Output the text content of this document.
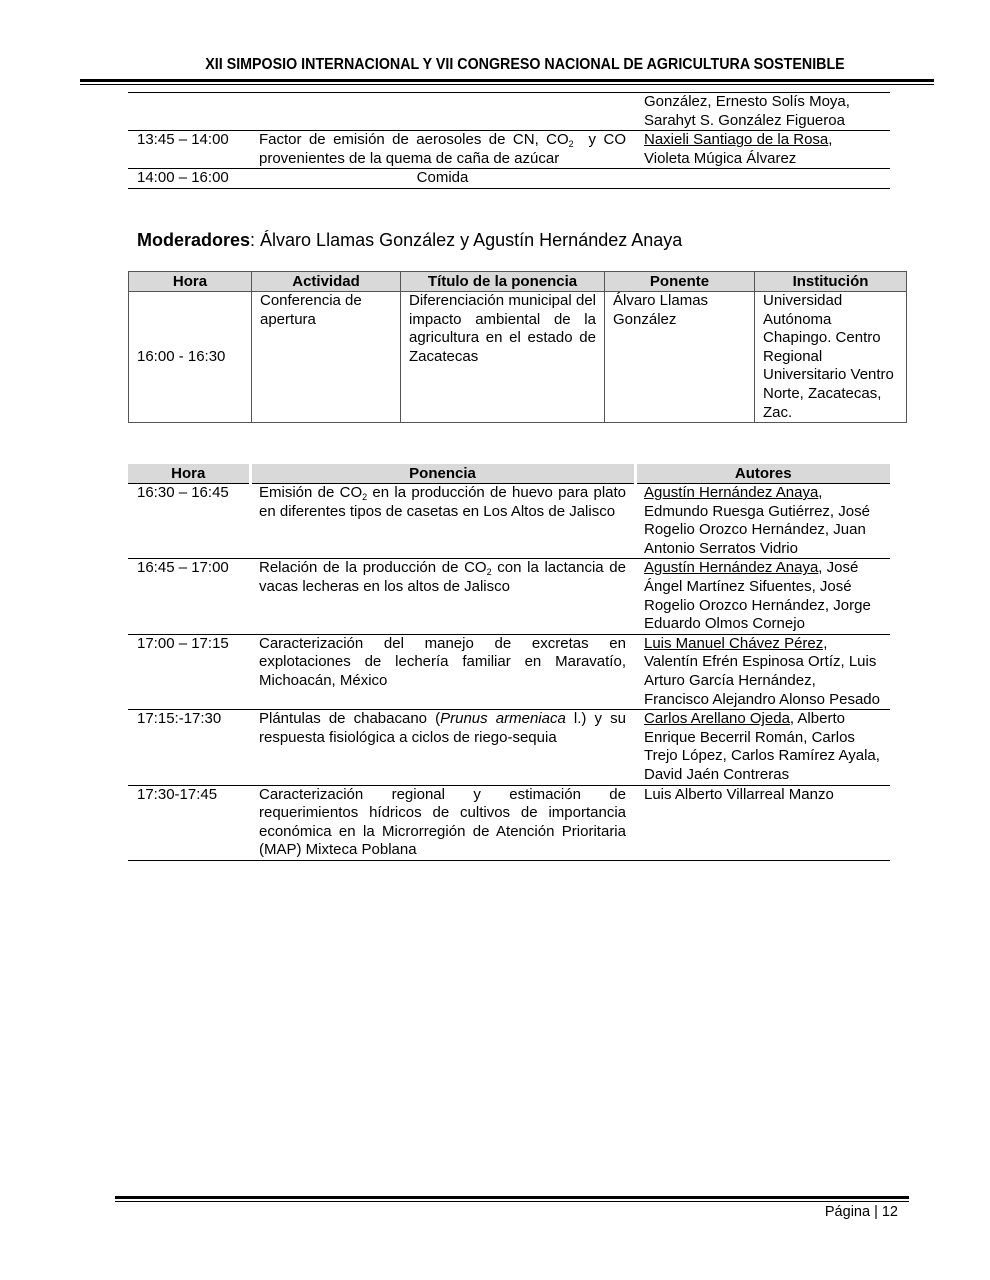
XII SIMPOSIO INTERNACIONAL Y VII CONGRESO NACIONAL DE AGRICULTURA SOSTENIBLE
		González, Ernesto Solís Moya, Sarahyt S. González Figueroa
13:45 – 14:00	Factor de emisión de aerosoles de CN, $CO_2$  y CO provenientes de la quema de caña de azúcar	Naxieli Santiago de la Rosa, Violeta Múgica Álvarez
14:00 – 16:00	Comida	
Moderadores: Álvaro Llamas González y Agustín Hernández Anaya
Hora	Actividad	Título de la ponencia	Ponente	Institución
16:00 - 16:30	Conferencia de apertura	Diferenciación municipal del impacto ambiental de la agricultura en el estado de Zacatecas	Álvaro Llamas González	Universidad Autónoma Chapingo. Centro Regional Universitario Ventro Norte, Zacatecas, Zac.
Hora	Ponencia	Autores
16:30 – 16:45	Emisión de $CO_2$ en la producción de huevo para plato en diferentes tipos de casetas en Los Altos de Jalisco	Agustín Hernández Anaya, Edmundo Ruesga Gutiérrez, José Rogelio Orozco Hernández, Juan Antonio Serratos Vidrio
16:45 – 17:00	Relación de la producción de $CO_2$ con la lactancia de vacas lecheras en los altos de Jalisco	Agustín Hernández Anaya, José Ángel Martínez Sifuentes, José Rogelio Orozco Hernández, Jorge Eduardo Olmos Cornejo
17:00 – 17:15	Caracterización del manejo de excretas en explotaciones de lechería familiar en Maravatío, Michoacán, México	Luis Manuel Chávez Pérez, Valentín Efrén Espinosa Ortíz, Luis Arturo García Hernández, Francisco Alejandro Alonso Pesado
17:15:-17:30	Plántulas de chabacano (Prunus armeniaca l.) y su respuesta fisiológica a ciclos de riego-sequia	Carlos Arellano Ojeda, Alberto Enrique Becerril Román, Carlos Trejo López, Carlos Ramírez Ayala, David Jaén Contreras
17:30-17:45	Caracterización regional y estimación de requerimientos hídricos de cultivos de importancia económica en la Microrregión de Atención Prioritaria (MAP) Mixteca Poblana	Luis Alberto Villarreal Manzo
Página | 12
